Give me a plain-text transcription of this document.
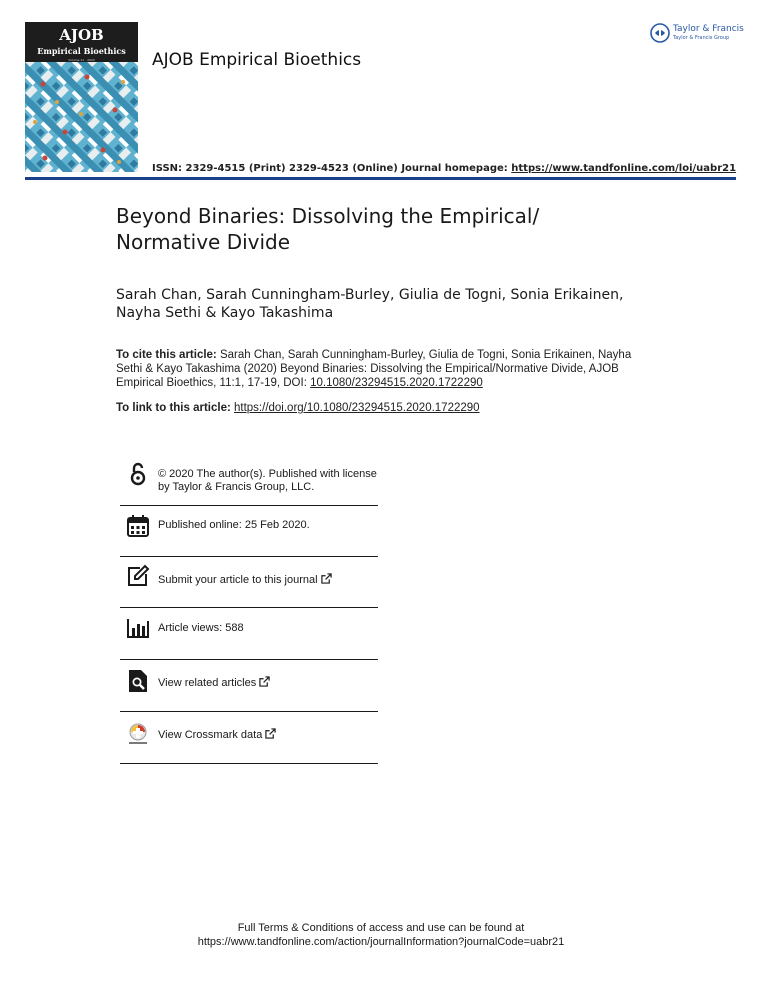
AJOB
Empirical Bioethics
Volume 11 · 2020	AJOB Empirical Bioethics
Taylor & Francis
Taylor & Francis Group
ISSN: 2329-4515 (Print) 2329-4523 (Online) Journal homepage: https://www.tandfonline.com/loi/uabr21
Beyond Binaries: Dissolving the Empirical/
Normative Divide
Sarah Chan, Sarah Cunningham-Burley, Giulia de Togni, Sonia Erikainen,
Nayha Sethi & Kayo Takashima
To cite this article: Sarah Chan, Sarah Cunningham-Burley, Giulia de Togni, Sonia Erikainen, Nayha Sethi & Kayo Takashima (2020) Beyond Binaries: Dissolving the Empirical/Normative Divide, AJOB Empirical Bioethics, 11:1, 17-19, DOI: 10.1080/23294515.2020.1722290
To link to this article: https://doi.org/10.1080/23294515.2020.1722290
© 2020 The author(s). Published with license
by Taylor & Francis Group, LLC.
Published online: 25 Feb 2020.
Submit your article to this journal
Article views: 588
View related articles
View Crossmark data
Full Terms & Conditions of access and use can be found at
https://www.tandfonline.com/action/journalInformation?journalCode=uabr21
